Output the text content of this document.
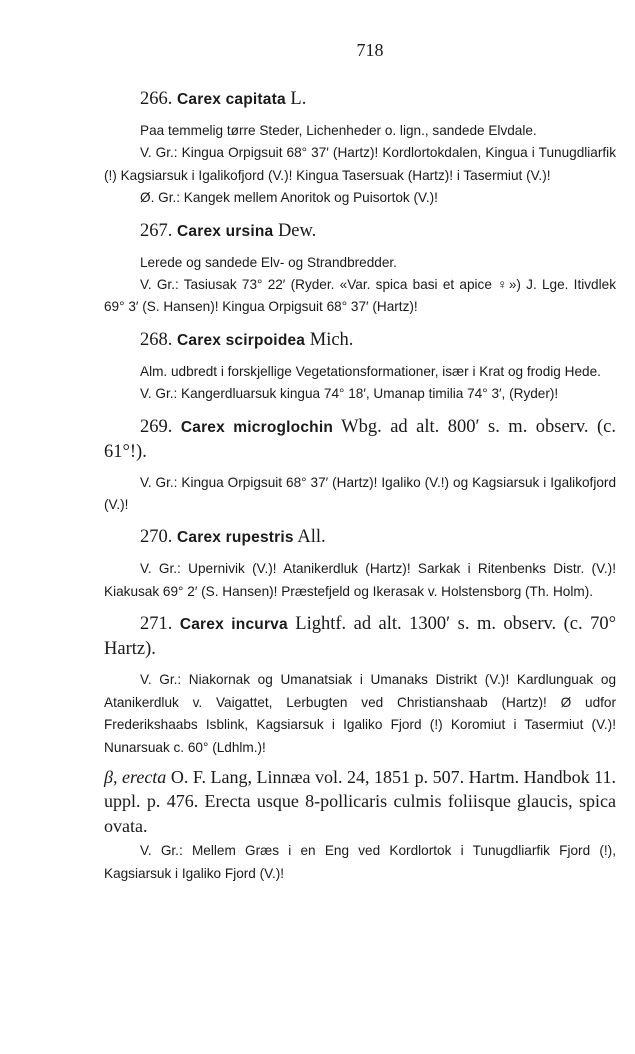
718
266. Carex capitata L.

Paa temmelig tørre Steder, Lichenheder o. lign., sandede Elvdale.

V. Gr.: Kingua Orpigsuit 68° 37′ (Hartz)! Kordlortokdalen, Kingua i Tunugdliarfik (!) Kagsiarsuk i Igalikofjord (V.)! Kingua Tasersuak (Hartz)! i Tasermiut (V.)!

Ø. Gr.: Kangek mellem Anoritok og Puisortok (V.)!

267. Carex ursina Dew.

Lerede og sandede Elv- og Strandbredder.

V. Gr.: Tasiusak 73° 22′ (Ryder. «Var. spica basi et apice ♀») J. Lge. Itivdlek 69° 3′ (S. Hansen)! Kingua Orpigsuit 68° 37′ (Hartz)!

268. Carex scirpoidea Mich.

Alm. udbredt i forskjellige Vegetationsformationer, især i Krat og frodig Hede.

V. Gr.: Kangerdluarsuk kingua 74° 18′, Umanap timilia 74° 3′, (Ryder)!

269. Carex microglochin Wbg. ad alt. 800′ s. m. observ. (c. 61°!).

V. Gr.: Kingua Orpigsuit 68° 37′ (Hartz)! Igaliko (V.!) og Kagsiarsuk i Igalikofjord (V.)!

270. Carex rupestris All.

V. Gr.: Upernivik (V.)! Atanikerdluk (Hartz)! Sarkak i Ritenbenks Distr. (V.)! Kiakusak 69° 2′ (S. Hansen)! Præstefjeld og Ikerasak v. Holstensborg (Th. Holm).

271. Carex incurva Lightf. ad alt. 1300′ s. m. observ. (c. 70° Hartz).

V. Gr.: Niakornak og Umanatsiak i Umanaks Distrikt (V.)! Kardlunguak og Atanikerdluk v. Vaigattet, Lerbugten ved Christianshaab (Hartz)! Ø udfor Frederikshaabs Isblink, Kagsiarsuk i Igaliko Fjord (!) Koromiut i Tasermiut (V.)! Nunarsuak c. 60° (Ldhlm.)!

β, erecta O. F. Lang, Linnæa vol. 24, 1851 p. 507. Hartm. Handbok 11. uppl. p. 476. Erecta usque 8-pollicaris culmis foliisque glaucis, spica ovata.

V. Gr.: Mellem Græs i en Eng ved Kordlortok i Tunugdliarfik Fjord (!), Kagsiarsuk i Igaliko Fjord (V.)!
